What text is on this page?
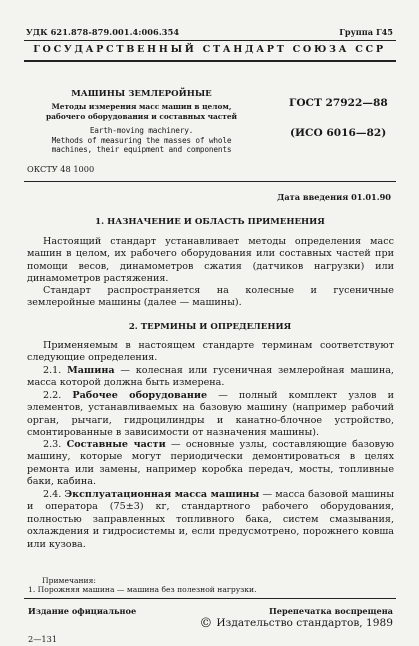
УДК 621.878-879.001.4:006.354	Группа Г45
ГОСУДАРСТВЕННЫЙ СТАНДАРТ СОЮЗА ССР
МАШИНЫ ЗЕМЛЕРОЙНЫЕ
Методы измерения масс машин в целом,
рабочего оборудования и составных частей
Earth-moving machinery.
Methods of measuring the masses of whole
machines, their equipment and components
ОКСТУ 48 1000
ГОСТ 27922—88
(ИСО 6016—82)
Дата введения 01.01.90
1. НАЗНАЧЕНИЕ И ОБЛАСТЬ ПРИМЕНЕНИЯ
Настоящий стандарт устанавливает методы определения масс машин в целом, их рабочего оборудования или составных частей при помощи весов, динамометров сжатия (датчиков нагрузки) или динамометров растяжения.
Стандарт распространяется на колесные и гусеничные землеройные машины (далее — машины).
2. ТЕРМИНЫ И ОПРЕДЕЛЕНИЯ
Применяемым в настоящем стандарте терминам соответствуют следующие определения.
2.1. Машина — колесная или гусеничная землеройная машина, масса которой должна быть измерена.
2.2. Рабочее оборудование — полный комплект узлов и элементов, устанавливаемых на базовую машину (например рабочий орган, рычаги, гидроцилиндры и канатно-блочное устройство, смонтированные в зависимости от назначения машины).
2.3. Составные части — основные узлы, составляющие базовую машину, которые могут периодически демонтироваться в целях ремонта или замены, например коробка передач, мосты, топливные баки, кабина.
2.4. Эксплуатационная масса машины — масса базовой машины и оператора (75±3) кг, стандартного рабочего оборудования, полностью заправленных топливного бака, систем смазывания, охлаждения и гидросистемы и, если предусмотрено, порожнего ковша или кузова.
Примечания:
1. Порожняя машина — машина без полезной нагрузки.
Издание официальное	Перепечатка воспрещена
© Издательство стандартов, 1989
2—131
